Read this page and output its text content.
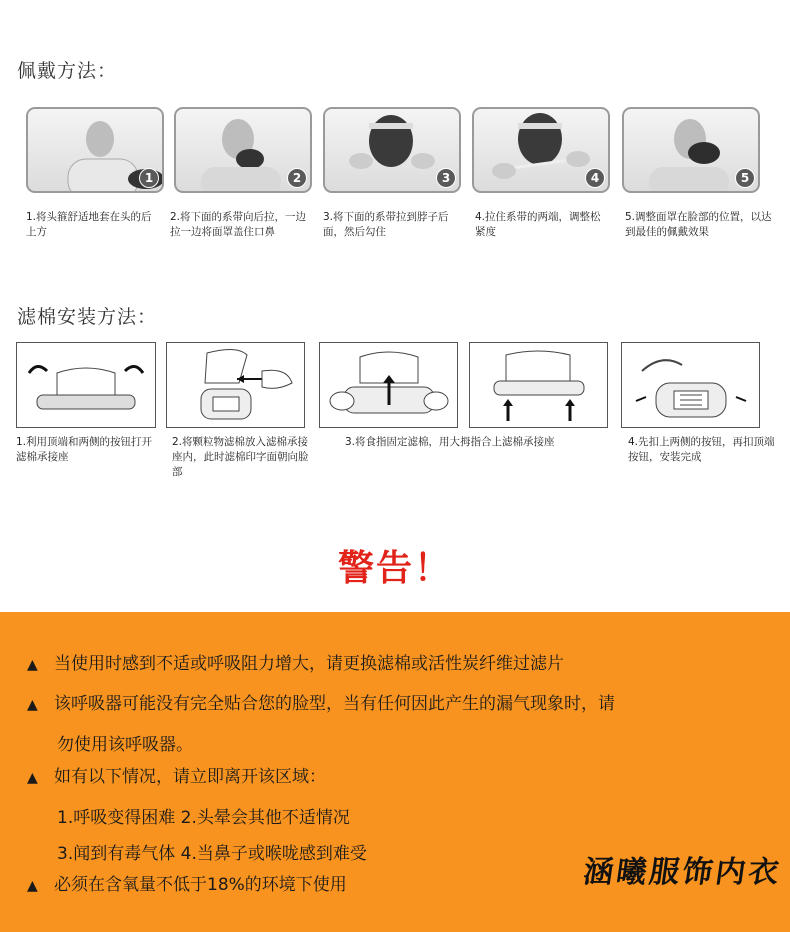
佩戴方法：
1	2	3	4	5
1.将头箍舒适地套在头的后上方
2.将下面的系带向后拉，一边拉一边将面罩盖住口鼻
3.将下面的系带拉到脖子后面，然后勾住
4.拉住系带的两端，调整松紧度
5.调整面罩在脸部的位置，以达到最佳的佩戴效果
滤棉安装方法：
1.利用顶端和两侧的按钮打开滤棉承接座
2.将颗粒物滤棉放入滤棉承接座内，此时滤棉印字面朝向脸部
3.将食指固定滤棉，用大拇指合上滤棉承接座	4.先扣上两侧的按钮，再扣顶端按钮，安装完成
警告！
▲ 当使用时感到不适或呼吸阻力增大，请更换滤棉或活性炭纤维过滤片
▲ 该呼吸器可能没有完全贴合您的脸型，当有任何因此产生的漏气现象时，请
勿使用该呼吸器。
▲ 如有以下情况，请立即离开该区域：
1.呼吸变得困难 2.头晕会其他不适情况
3.闻到有毒气体 4.当鼻子或喉咙感到难受
▲ 必须在含氧量不低于18%的环境下使用	涵曦服饰内衣
